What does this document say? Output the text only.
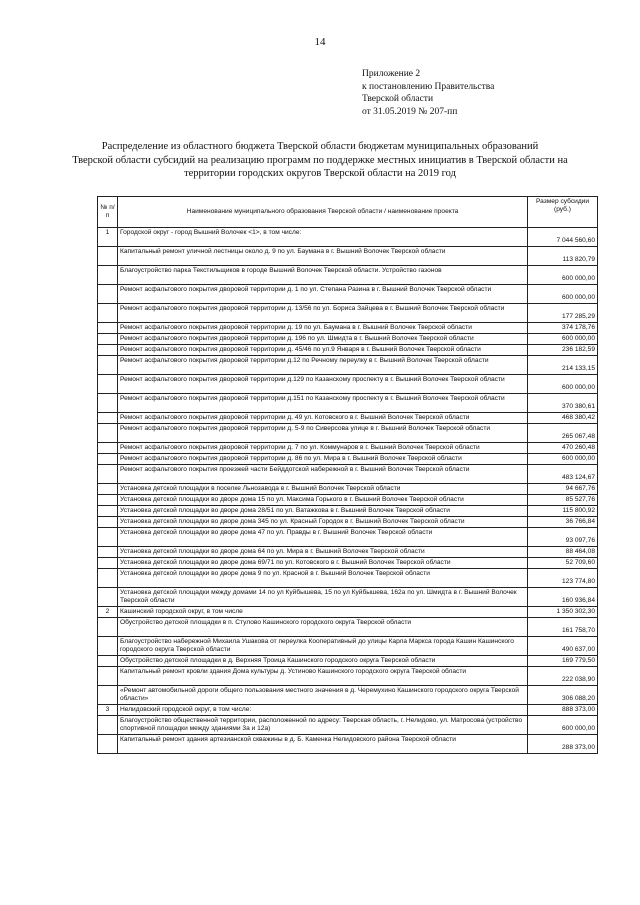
14
Приложение 2
к постановлению Правительства
Тверской области
от 31.05.2019 № 207-пп
Распределение из областного бюджета Тверской области бюджетам муниципальных образований
Тверской области субсидий на реализацию программ по поддержке местных инициатив в Тверской области на
территории городских округов Тверской области на 2019 год
№ п/п	Наименование муниципального образования Тверской области / наименование проекта	Размер субсидии (руб.)
1	Городской округ - город Вышний Волочек <1>, в том числе:	7 044 560,60
	Капитальный ремонт уличной лестницы около д. 9 по ул. Баумана в г. Вышний Волочек Тверской области	113 820,79
	Благоустройство парка Текстильщиков в городе Вышний Волочек Тверской области. Устройство газонов	600 000,00
	Ремонт асфальтового покрытия дворовой территории д. 1 по ул. Степана Разина в г. Вышний Волочек Тверской области	600 000,00
	Ремонт асфальтового покрытия дворовой территории д. 13/56 по ул. Бориса Зайцева в г. Вышний Волочек Тверской области	177 285,29
	Ремонт асфальтового покрытия дворовой территории д. 19 по ул. Баумана в г. Вышний Волочек Тверской области	374 178,76
	Ремонт асфальтового покрытия дворовой территории д. 196 по ул. Шмидта в г. Вышний Волочек Тверской области	600 000,00
	Ремонт асфальтового покрытия дворовой территории д. 45/46 по ул.9 Января в г. Вышний Волочек Тверской области	236 182,59
	Ремонт асфальтового покрытия дворовой территории д.12 по Речному переулку в г. Вышний Волочек Тверской области	214 133,15
	Ремонт асфальтового покрытия дворовой территории д.129 по Казанскому проспекту в г. Вышний Волочек Тверской области	600 000,00
	Ремонт асфальтового покрытия дворовой территории д.151 по Казанскому проспекту в г. Вышний Волочек Тверской области	370 380,61
	Ремонт асфальтового покрытия дворовой территории д. 49 ул. Котовского в г. Вышний Волочек Тверской области	468 380,42
	Ремонт асфальтового покрытия дворовой территории д. 5-9 по Сиверсова улице в г. Вышний Волочек Тверской области	265 067,48
	Ремонт асфальтового покрытия дворовой территории д. 7 по ул. Коммунаров в г. Вышний Волочек Тверской области	470 260,48
	Ремонт асфальтового покрытия дворовой территории д. 86 по ул. Мира в г. Вышний Волочек Тверской области	600 000,00
	Ремонт асфальтового покрытия проезжей части Бейддотской набережной в г. Вышний Волочек Тверской области	483 124,67
	Установка детской площадки в поселке Льнозавода в г. Вышний Волочек Тверской области	94 667,76
	Установка детской площадки во дворе дома 15 по ул. Максима Горького в г. Вышний Волочек Тверской области	85 527,76
	Установка детской площадки во дворе дома 28/51 по ул. Ватажкова в г. Вышний Волочек Тверской области	115 800,92
	Установка детской площадки во дворе дома 345 по ул. Красный Городок в г. Вышний Волочек Тверской области	36 766,84
	Установка детской площадки во дворе дома 47 по ул. Правды в г. Вышний Волочек Тверской области	93 097,76
	Установка детской площадки во дворе дома 64 по ул. Мира в г. Вышний Волочек Тверской области	88 464,08
	Установка детской площадки во дворе дома 69/71 по ул. Котовского в г. Вышний Волочек Тверской области	52 709,60
	Установка детской площадки во дворе дома 9 по ул. Красной в г. Вышний Волочек Тверской области	123 774,80
	Установка детской площадки между домами 14 по ул Куйбышева, 15 по ул Куйбышева, 162а по ул. Шмидта в г. Вышний Волочек Тверской области	160 936,84
2	Кашинский городской округ, в том числе	1 350 302,30
	Обустройство детской площадки в п. Стулово Кашинского городского округа Тверской области	161 758,70
	Благоустройство набережной Михаила Ушакова от переулка Кооперативный до улицы Карла Маркса города Кашин Кашинского городского округа Тверской области	490 637,00
	Обустройство детской площадки в д. Верхняя Троица Кашинского городского округа Тверской области	169 779,50
	Капитальный ремонт кровли здания Дома культуры д. Устиново Кашинского городского округа Тверской области	222 038,90
	«Ремонт автомобильной дороги общего пользования местного значения в д. Черемухино Кашинского городского округа Тверской области»	306 088,20
3	Нелидовский городской округ, в том числе:	888 373,00
	Благоустройство общественной территории, расположенной по адресу: Тверская область, г. Нелидово, ул. Матросова (устройство спортивной площадки между зданиями 3а и 12а)	600 000,00
	Капитальный ремонт здания артезианской скважины в д. Б. Каменка Нелидовского района Тверской области	288 373,00
